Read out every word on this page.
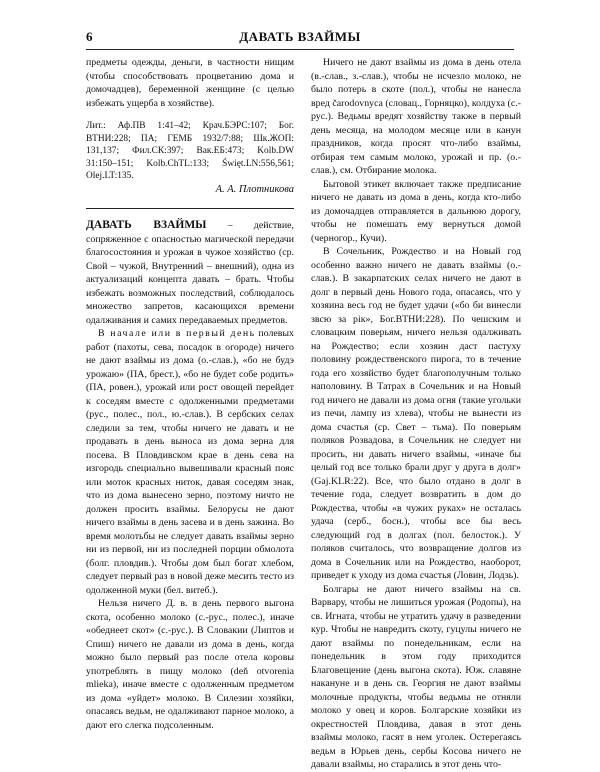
6	ДАВАТЬ ВЗАЙМЫ

предметы одежды, деньги, в частности нищим (чтобы способствовать процветанию дома и домочадцев), беременной женщине (с целью избежать ущерба в хозяйстве).

Лит.: Аф.ПВ 1:41–42; Крач.БЭРС:107; Бог. ВТНИ:228; ПА; ГЕМБ 1932/7:88; Шк.ЖОП: 131,137; Фил.СК:397; Вак.ЕБ:473; Kolb.DW 31:150–151; Kolb.ChTL:133; Święt.LN:556,561; Olej.LT:135.

А. А. Плотникова

ДАВАТЬ ВЗАЙМЫ – действие, сопряженное с опасностью магической передачи благосостояния и урожая в чужое хозяйство (ср. Свой – чужой, Внутренний – внешний), одна из актуализаций концепта давать – брать. Чтобы избежать возможных последствий, соблюдалось множество запретов, касающихся времени одалживания и самих передаваемых предметов.

В начале или в первый день полевых работ (пахоты, сева, посадок в огороде) ничего не дают взаймы из дома (о.-слав.), «бо не будэ урожаю» (ПА, брест.), «бо не будет собе родить» (ПА, ровен.), урожай или рост овощей перейдет к соседям вместе с одолженными предметами (рус., полес., пол., ю.-слав.). В сербских селах следили за тем, чтобы ничего не давать и не продавать в день выноса из дома зерна для посева. В Пловдивском крае в день сева на изгородь специально вывешивали красный пояс или моток красных ниток, давая соседям знак, что из дома вынесено зерно, поэтому ничто не должен просить взаймы. Белорусы не дают ничего взаймы в день засева и в день зажина. Во время молотьбы не следует давать взаймы зерно ни из первой, ни из последней порции обмолота (болг. пловдив.). Чтобы дом был богат хлебом, следует первый раз в новой деже месить тесто из одолженной муки (бел. витеб.).

Нельзя ничего Д. в. в день первого выгона скота, особенно молоко (с.-рус., полес.), иначе «обеднеет скот» (с.-рус.). В Словакии (Липтов и Спиш) ничего не давали из дома в день, когда можно было первый раз после отела коровы употреблять в пищу молоко (deň otvorenia mlieka), иначе вместе с одолженным предметом из дома «уйдет» молоко. В Силезии хозяйки, опасаясь ведьм, не одалживают парное молоко, а дают его слегка подсоленным.

Ничего не дают взаймы из дома в день отела (в.-слав., з.-слав.), чтобы не исчезло молоко, не было потерь в скоте (пол.), чтобы не нанесла вред čarodovnyca (словац., Горняцко), колдуха (с.-рус.). Ведьмы вредят хозяйству также в первый день месяца, на молодом месяце или в канун праздников, когда просят что-либо взаймы, отбирая тем самым молоко, урожай и пр. (о.-слав.), см. Отбирание молока.

Бытовой этикет включает также предписание ничего не давать из дома в день, когда кто-либо из домочадцев отправляется в дальнюю дорогу, чтобы не помешать ему вернуться домой (черногор., Кучи).

В Сочельник, Рождество и на Новый год особенно важно ничего не давать взаймы (о.-слав.). В закарпатских селах ничего не дают в долг в первый день Нового года, опасаясь, что у хозяина весь год не будет удачи («бо би винесли звсю за рік», Бог.ВТНИ:228). По чешским и словацким поверьям, ничего нельзя одалживать на Рождество; если хозяин даст пастуху половину рождественского пирога, то в течение года его хозяйство будет благополучным только наполовину. В Татрах в Сочельник и на Новый год ничего не давали из дома огня (такие угольки из печи, лампу из хлева), чтобы не вынести из дома счастья (ср. Свет – тьма). По поверьям поляков Розвадова, в Сочельник не следует ни просить, ни давать ничего взаймы, «иначе бы целый год все только брали друг у друга в долг» (Gaj.KLR:22). Все, что было отдано в долг в течение года, следует возвратить в дом до Рождества, чтобы «в чужих руках» не осталась удача (серб., босн.), чтобы все бы весь следующий год в долгах (пол. белосток.). У поляков считалось, что возвращение долгов из дома в Сочельник или на Рождество, наоборот, приведет к уходу из дома счастья (Ловин, Лодзь).

Болгары не дают ничего взаймы на св. Варвару, чтобы не лишиться урожая (Родопы), на св. Игната, чтобы не утратить удачу в разведении кур. Чтобы не навредить скоту, гуцулы ничего не дают взаймы по понедельникам, если на понедельник в этом году приходится Благовещение (день выгона скота). Юж. славяне накануне и в день св. Георгия не дают взаймы молочные продукты, чтобы ведьмы не отняли молоко у овец и коров. Болгарские хозяйки из окрестностей Пловдива, давая в этот день взаймы молоко, гасят в нем уголек. Остерегаясь ведьм в Юрьев день, сербы Косова ничего не давали взаймы, но старались в этот день что-
